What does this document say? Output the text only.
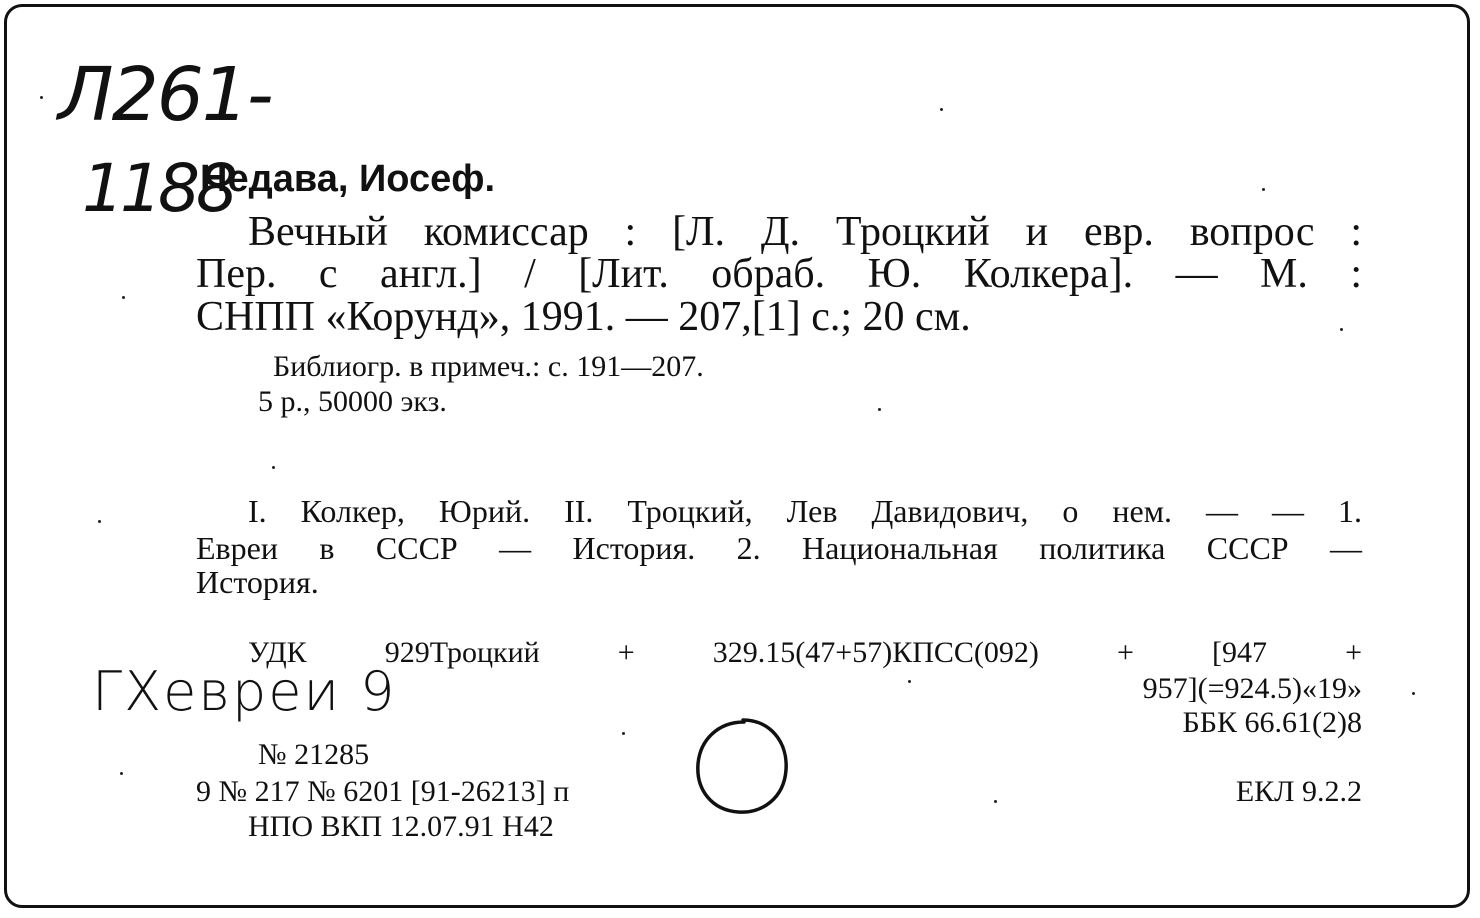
Л261-
1188
Недава, Иосеф.
Вечный комиссар : [Л. Д. Троцкий и евр. вопрос :
Пер. с англ.] / [Лит. обраб. Ю. Колкера]. — М. :
СНПП «Корунд», 1991. — 207,[1] с.; 20 см.
Библиогр. в примеч.: с. 191—207.
5 р., 50000 экз.
I. Колкер, Юрий. II. Троцкий, Лев Давидович, о нем. — — 1.
Евреи в СССР — История. 2. Национальная политика СССР —
История.
УДК 929Троцкий + 329.15(47+57)КПСС(092) + [947 +
957](=924.5)«19»
ББК 66.61(2)8
ГXевреи 9
№ 21285
9 № 217 № 6201 [91-26213] п
НПО ВКП 12.07.91 Н42
ЕКЛ 9.2.2
